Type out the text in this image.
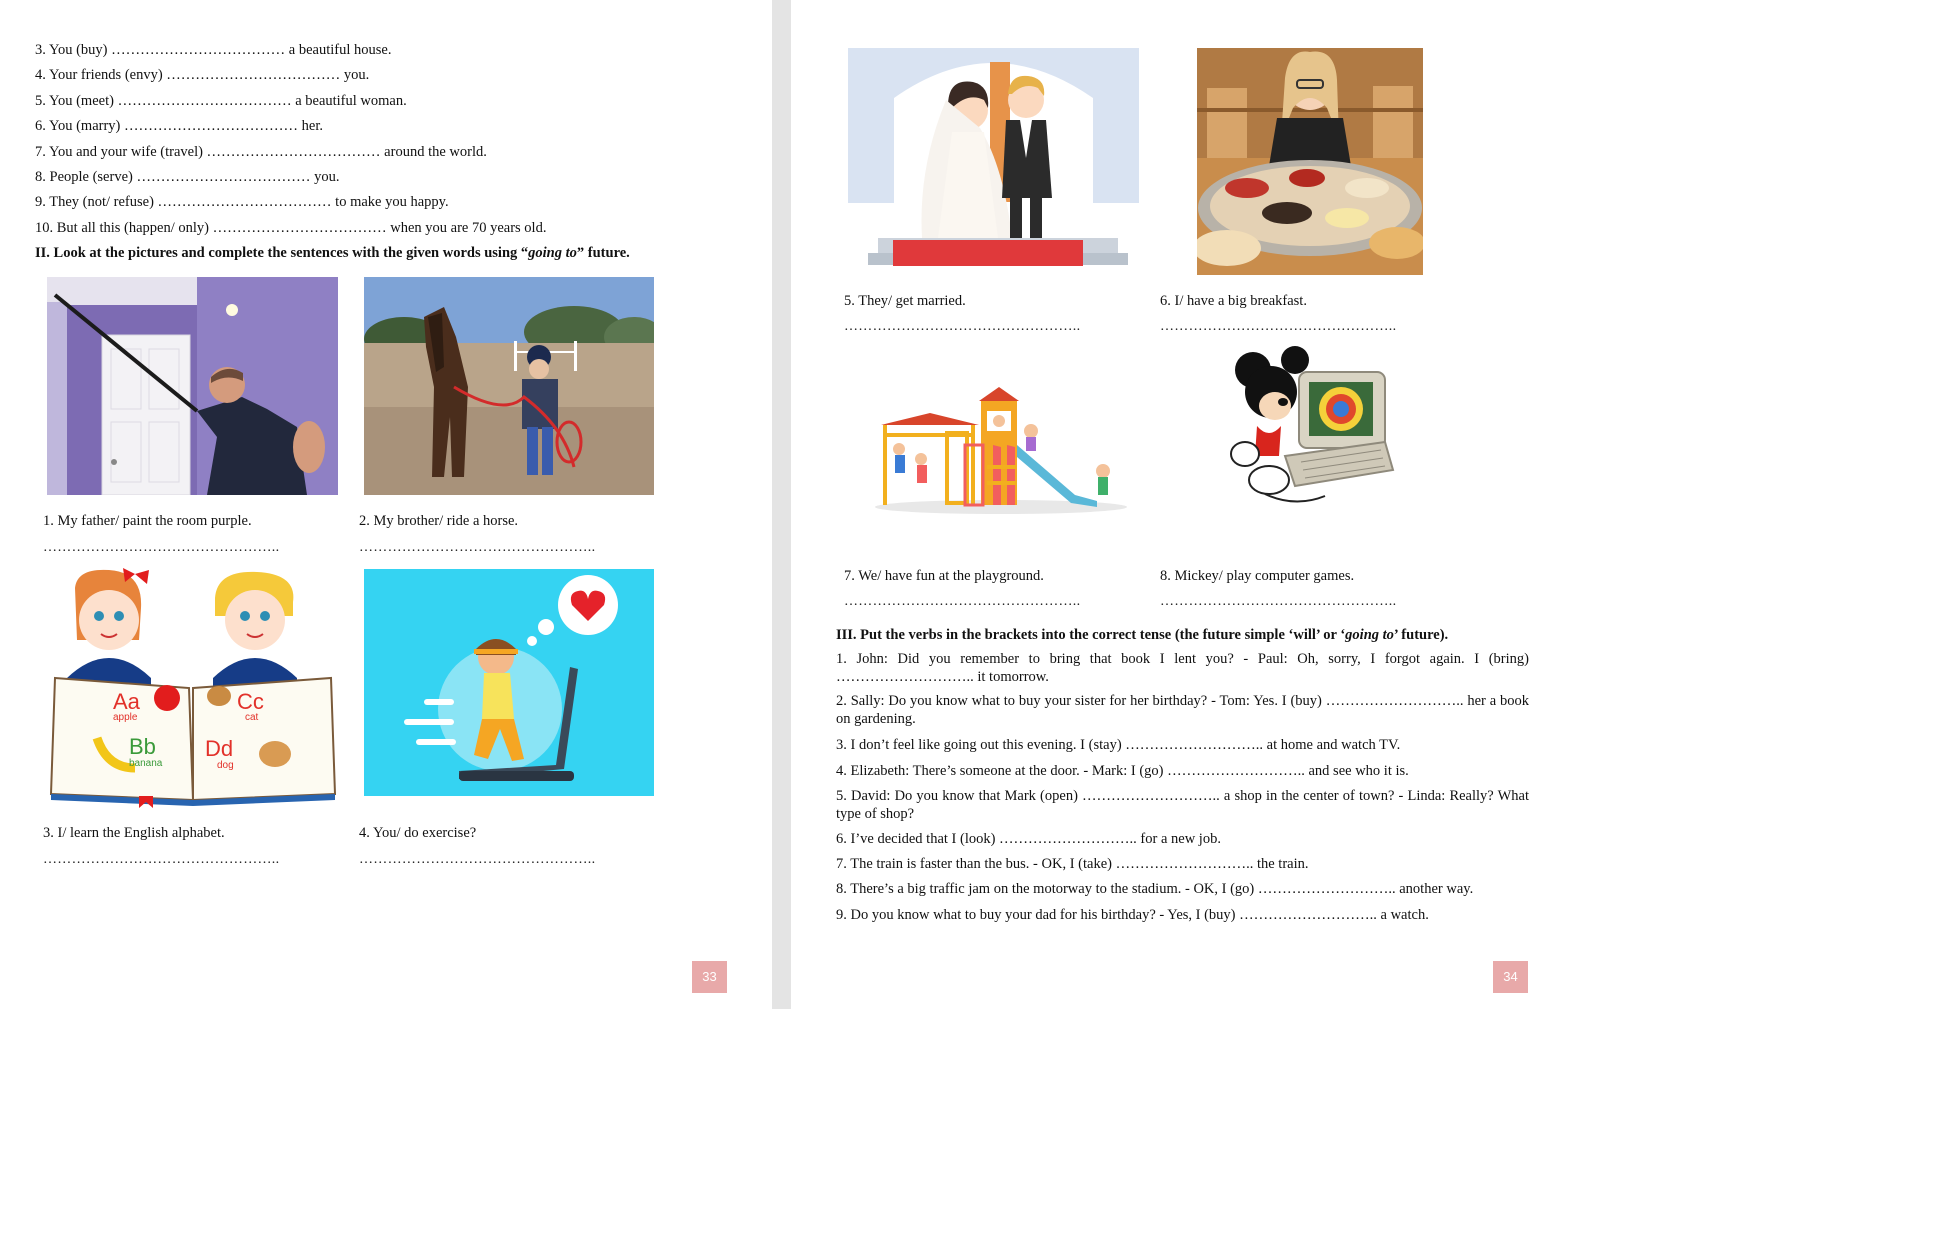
3. You (buy) ……………………………… a beautiful house.
4. Your friends (envy) ……………………………… you.
5. You (meet) ……………………………… a beautiful woman.
6. You (marry) ……………………………… her.
7. You and your wife (travel) ……………………………… around the world.
8. People (serve) ……………………………… you.
9. They (not/ refuse) ……………………………… to make you happy.
10. But all this (happen/ only) ……………………………… when you are 70 years old.
II. Look at the pictures and complete the sentences with the given words using “going to” future.
1. My father/ paint the room purple.	2. My brother/ ride a horse.
…………………………………………..	…………………………………………..
Aa
apple
Cc
cat
Bb
banana
Dd
dog
3. I/ learn the English alphabet.	4. You/ do exercise?
…………………………………………..	…………………………………………..
33
5. They/ get married.	6. I/ have a big breakfast.
…………………………………………..	…………………………………………..
7. We/ have fun at the playground.	8. Mickey/ play computer games.
…………………………………………..	…………………………………………..
III. Put the verbs in the brackets into the correct tense (the future simple ‘will’ or ‘going to’ future).
1. John: Did you remember to bring that book I lent you? - Paul: Oh, sorry, I forgot again. I (bring) ……………………….. it tomorrow.
2. Sally: Do you know what to buy your sister for her birthday? - Tom: Yes. I (buy) ……………………….. her a book on gardening.
3. I don’t feel like going out this evening. I (stay) ……………………….. at home and watch TV.
4. Elizabeth: There’s someone at the door. - Mark: I (go) ……………………….. and see who it is.
5. David: Do you know that Mark (open) ……………………….. a shop in the center of town? - Linda: Really? What type of shop?
6. I’ve decided that I (look) ……………………….. for a new job.
7. The train is faster than the bus. - OK, I (take) ……………………….. the train.
8. There’s a big traffic jam on the motorway to the stadium. - OK, I (go) ……………………….. another way.
9. Do you know what to buy your dad for his birthday? - Yes, I (buy) ……………………….. a watch.
34
